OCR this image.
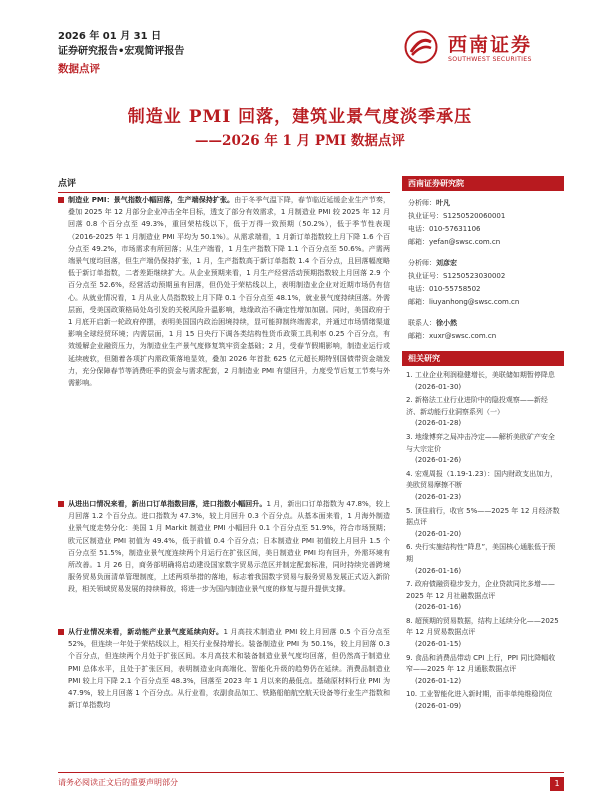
2026 年 01 月 31 日
证券研究报告•宏观简评报告
数据点评
西南证券
SOUTHWEST SECURITIES
制造业 PMI 回落，建筑业景气度淡季承压
——2026 年 1 月 PMI 数据点评
点评
制造业 PMI：景气指数小幅回落，生产端保持扩张。由于冬季气温下降，春节临近延缓企业生产节奏，叠加 2025 年 12 月部分企业冲击全年目标，透支了部分有效需求，1 月制造业 PMI 较 2025 年 12 月回落 0.8 个百分点至 49.3%，重回荣枯线以下，低于万得一致预期（50.2%），低于季节性表现（2016-2025 年 1 月制造业 PMI 平均为 50.1%）。从需求端看，1 月新订单指数较上月下降 1.6 个百分点至 49.2%，市场需求有所回落；从生产端看，1 月生产指数下降 1.1 个百分点至 50.6%。产需两端景气度均回落，但生产端仍保持扩张，1 月，生产指数高于新订单指数 1.4 个百分点，且回落幅度略低于新订单指数，二者差距继续扩大。从企业预期来看，1 月生产经营活动预期指数较上月回落 2.9 个百分点至 52.6%，经营活动预期虽有回落，但仍处于荣枯线以上，表明制造业企业对近期市场仍有信心。从就业情况看，1 月从业人员指数较上月下降 0.1 个百分点至 48.1%，就业景气度持续回落。外需层面，受美国政策格局处岛引发的关税风险升温影响，地缘政治不确定性增加加剧。同时，美国政府于 1 月底开启新一轮政府停摆，表明美国国内政治困境持续，显可能抑制终端需求，并通过市场情绪渠道影响全球经贸环境；内需层面，1 月 15 日央行下调各类结构性货币政策工具利率 0.25 个百分点，有效缓解企业融资压力，为制造业生产景气度修复筑牢资金基础；2 月，受春节假期影响，制造业运行或延续疲软，但随着各项扩内需政策落地显效，叠加 2026 年首批 625 亿元超长期特别国债带资金端发力，充分保障春节等消费旺季的资金与需求配套，2 月制造业 PMI 有望回升，力度受节后复工节奏与外需影响。
从进出口情况来看，新出口订单指数回落，进口指数小幅回升。1 月，新出口订单指数为 47.8%，较上月回落 1.2 个百分点。进口指数为 47.3%，较上月回升 0.3 个百分点。从基本面来看，1 月海外制造业景气度走势分化：美国 1 月 Markit 制造业 PMI 小幅回升 0.1 个百分点至 51.9%，符合市场预期；欧元区制造业 PMI 初值为 49.4%，低于前值 0.4 个百分点；日本制造业 PMI 初值较上月回升 1.5 个百分点至 51.5%，制造业景气度连续两个月运行在扩张区间，美日制造业 PMI 均有回升，外需环境有所改善。1 月 26 日，商务部明确将启动建设国家数字贸易示范区并制定配套标准，同时持续完善跨境服务贸易负面清单管理制度，上述两项举措的落地，标志着我国数字贸易与服务贸易发展正式迈入新阶段，相关领域贸易发展的持续释放，将进一步为国内制造业景气度的修复与提升提供支撑。
从行业情况来看，新动能产业景气度延续向好。1 月高技术制造业 PMI 较上月回落 0.5 个百分点至 52%，但连续一年处于荣枯线以上，相关行业保持增长。装备制造业 PMI 为 50.1%，较上月回落 0.3 个百分点，但连续两个月处于扩张区间。本月高技术和装备制造业景气度均回落，但仍然高于制造业 PMI 总体水平，且处于扩张区间，表明制造业向高端化、智能化升级的趋势仍在延续。消费品制造业 PMI 较上月下降 2.1 个百分点至 48.3%，回落至 2023 年 1 月以来的最低点。基础原材料行业 PMI 为 47.9%，较上月回落 1 个百分点。从行业看，农副食品加工、铁路船舶航空航天设备等行业生产指数和新订单指数均
西南证券研究院
分析师：叶凡
执业证号：S1250520060001
电话：010-57631106
邮箱：yefan@swsc.com.cn
分析师：刘彦宏
执业证号：S1250523030002
电话：010-55758502
邮箱：liuyanhong@swsc.com.cn
联系人：徐小然
邮箱：xuxr@swsc.com.cn
相关研究
1. 工业企业利润稳健增长，美联储如期暂停降息
(2026-01-30)
2. 新格法工业行业进阶中的隐投观察——新经济、新动能行业洞察系列（一）
(2026-01-28)
3. 地缘博弈之局冲击冷定——解析美欧矿产安全与大宗定价
(2026-01-26)
4. 宏观周报（1.19-1.23）：国内财政支出加力，美欧贸易摩擦不断
(2026-01-23)
5. 顶住前行，收官 5%——2025 年 12 月经济数据点评
(2026-01-20)
6. 央行实施结构性“降息”，美国核心通胀低于预期
(2026-01-16)
7. 政府债融资稳步发力，企业贷款同比多增——2025 年 12 月社融数据点评
(2026-01-16)
8. 超预期的贸易数据，结构上延续分化——2025 年 12 月贸易数据点评
(2026-01-15)
9. 食品和消费品带动 CPI 上行，PPI 同比降幅收窄——2025 年 12 月通胀数据点评
(2026-01-12)
10. 工业智能化进入新时期，而非单纯维稳岗位
(2026-01-09)
请务必阅读正文后的重要声明部分	1
